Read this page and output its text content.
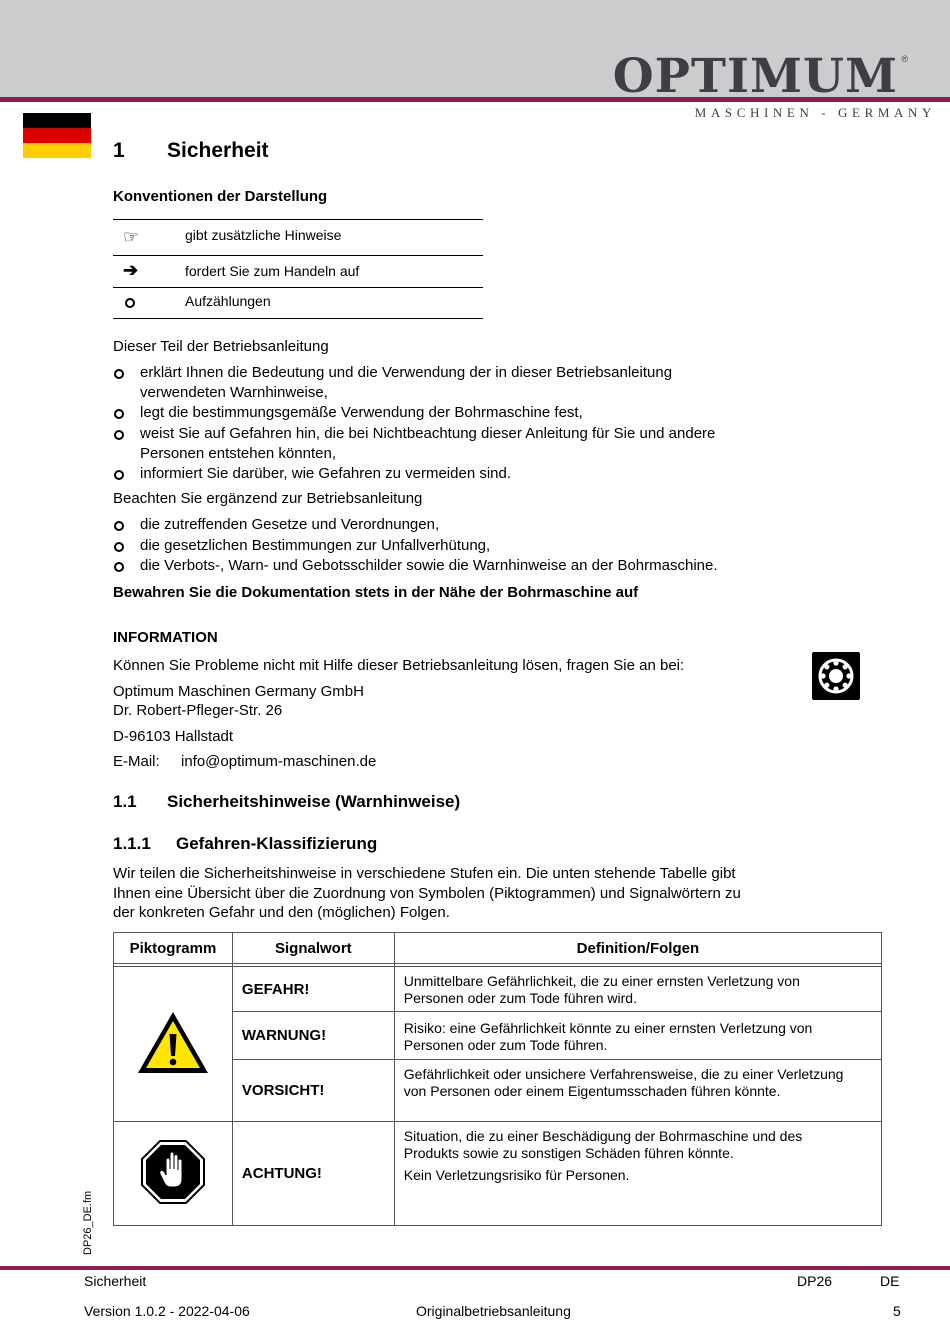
OPTIMUM ®
MASCHINEN - GERMANY
1 Sicherheit
Konventionen der Darstellung
☞	gibt zusätzliche Hinweise
➔	fordert Sie zum Handeln auf
Aufzählungen
Dieser Teil der Betriebsanleitung
erklärt Ihnen die Bedeutung und die Verwendung der in dieser Betriebsanleitung
verwendeten Warnhinweise,
legt die bestimmungsgemäße Verwendung der Bohrmaschine fest,
weist Sie auf Gefahren hin, die bei Nichtbeachtung dieser Anleitung für Sie und andere
Personen entstehen könnten,
informiert Sie darüber, wie Gefahren zu vermeiden sind.
Beachten Sie ergänzend zur Betriebsanleitung
die zutreffenden Gesetze und Verordnungen,
die gesetzlichen Bestimmungen zur Unfallverhütung,
die Verbots-, Warn- und Gebotsschilder sowie die Warnhinweise an der Bohrmaschine.
Bewahren Sie die Dokumentation stets in der Nähe der Bohrmaschine auf
INFORMATION
Können Sie Probleme nicht mit Hilfe dieser Betriebsanleitung lösen, fragen Sie an bei:
Optimum Maschinen Germany GmbH
Dr. Robert-Pfleger-Str. 26
D-96103 Hallstadt
E-Mail: info@optimum-maschinen.de
1.1 Sicherheitshinweise (Warnhinweise)
1.1.1 Gefahren-Klassifizierung
Wir teilen die Sicherheitshinweise in verschiedene Stufen ein. Die unten stehende Tabelle gibt
Ihnen eine Übersicht über die Zuordnung von Symbolen (Piktogrammen) und Signalwörtern zu
der konkreten Gefahr und den (möglichen) Folgen.
Piktogramm	Signalwort	Definition/Folgen

	GEFAHR!	Unmittelbare Gefährlichkeit, die zu einer ernsten Verletzung von
Personen oder zum Tode führen wird.

	WARNUNG!	Risiko: eine Gefährlichkeit könnte zu einer ernsten Verletzung von
Personen oder zum Tode führen.

	VORSICHT!	Gefährlichkeit oder unsichere Verfahrensweise, die zu einer Verletzung
von Personen oder einem Eigentumsschaden führen könnte.

	ACHTUNG!	Situation, die zu einer Beschädigung der Bohrmaschine und des
Produkts sowie zu sonstigen Schäden führen könnte.
Kein Verletzungsrisiko für Personen.
DP26_DE.fm
Sicherheit	DP26	DE
Version 1.0.2 - 2022-04-06	Originalbetriebsanleitung	5
